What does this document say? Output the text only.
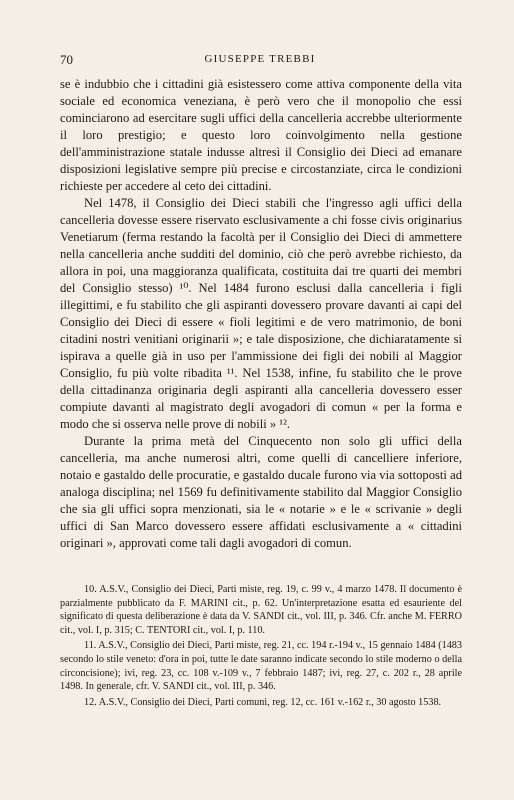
70	GIUSEPPE TREBBI

se è indubbio che i cittadini già esistessero come attiva componente della vita sociale ed economica veneziana, è però vero che il monopolio che essi cominciarono ad esercitare sugli uffici della cancelleria accrebbe ulteriormente il loro prestigio; e questo loro coinvolgimento nella gestione dell'amministrazione statale indusse altresì il Consiglio dei Dieci ad emanare disposizioni legislative sempre più precise e circostanziate, circa le condizioni richieste per accedere al ceto dei cittadini.

Nel 1478, il Consiglio dei Dieci stabilì che l'ingresso agli uffici della cancelleria dovesse essere riservato esclusivamente a chi fosse civis originarius Venetiarum (ferma restando la facoltà per il Consiglio dei Dieci di ammettere nella cancelleria anche sudditi del dominio, ciò che però avrebbe richiesto, da allora in poi, una maggioranza qualificata, costituita dai tre quarti dei membri del Consiglio stesso) ¹⁰. Nel 1484 furono esclusi dalla cancelleria i figli illegittimi, e fu stabilito che gli aspiranti dovessero provare davanti ai capi del Consiglio dei Dieci di essere « fioli legitimi e de vero matrimonio, de boni citadini nostri venitiani originarii »; e tale disposizione, che dichiaratamente si ispirava a quelle già in uso per l'ammissione dei figli dei nobili al Maggior Consiglio, fu più volte ribadita ¹¹. Nel 1538, infine, fu stabilito che le prove della cittadinanza originaria degli aspiranti alla cancelleria dovessero esser compiute davanti al magistrato degli avogadori di comun « per la forma e modo che si osserva nelle prove di nobili » ¹².

Durante la prima metà del Cinquecento non solo gli uffici della cancelleria, ma anche numerosi altri, come quelli di cancelliere inferiore, notaio e gastaldo delle procuratie, e gastaldo ducale furono via via sottoposti ad analoga disciplina; nel 1569 fu definitivamente stabilito dal Maggior Consiglio che sia gli uffici sopra menzionati, sia le « notarie » e le « scrivanie » degli uffici di San Marco dovessero essere affidati esclusivamente a « cittadini originari », approvati come tali dagli avogadori di comun.

10. A.S.V., Consiglio dei Dieci, Parti miste, reg. 19, c. 99 v., 4 marzo 1478. Il documento è parzialmente pubblicato da F. MARINI cit., p. 62. Un'interpretazione esatta ed esauriente del significato di questa deliberazione è data da V. SANDI cit., vol. III, p. 346. Cfr. anche M. FERRO cit., vol. I, p. 315; C. TENTORI cit., vol. I, p. 110.

11. A.S.V., Consiglio dei Dieci, Parti miste, reg. 21, cc. 194 r.-194 v., 15 gennaio 1484 (1483 secondo lo stile veneto: d'ora in poi, tutte le date saranno indicate secondo lo stile moderno o della circoncisione); ivi, reg. 23, cc. 108 v.-109 v., 7 febbraio 1487; ivi, reg. 27, c. 202 r., 28 aprile 1498. In generale, cfr. V. SANDI cit., vol. III, p. 346.

12. A.S.V., Consiglio dei Dieci, Parti comuni, reg. 12, cc. 161 v.-162 r., 30 agosto 1538.
